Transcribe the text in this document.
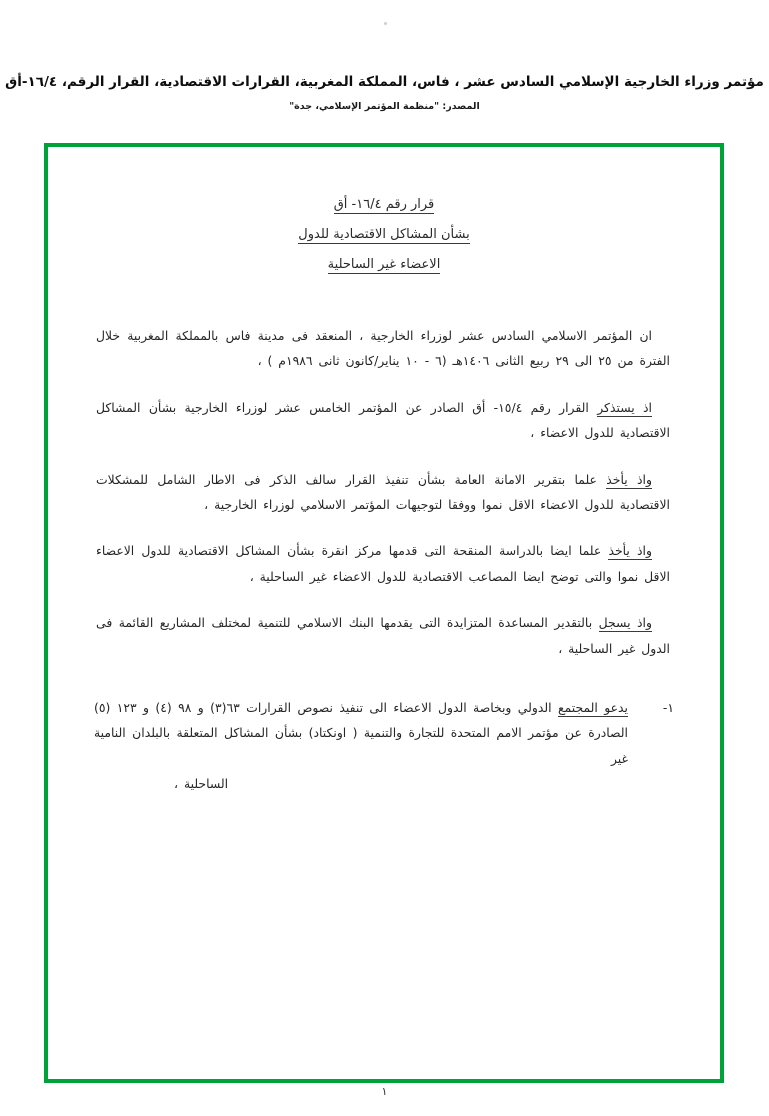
مؤتمر وزراء الخارجية الإسلامي السادس عشر ، فاس، المملكة المغربية، القرارات الاقتصادية، القرار الرقم، ١٦/٤-أق
المصدر: "منظمة المؤتمر الإسلامي، جدة"
قرار رقم ١٦/٤- أق
بشأن المشاكل الاقتصادية للدول
الاعضاء غير الساحلية

ان المؤتمر الاسلامي السادس عشر لوزراء الخارجية ، المنعقد فى مدينة فاس بالمملكة المغربية خلال الفترة من ٢٥ الى ٢٩ ربيع الثانى ١٤٠٦هـ (٦ - ١٠ يناير/كانون ثانى ١٩٨٦م ) ،

اذ يستذكر القرار رقم ١٥/٤- أق الصادر عن المؤتمر الخامس عشر لوزراء الخارجية بشأن المشاكل الاقتصادية للدول الاعضاء ،

واذ يأخذ علما بتقرير الامانة العامة بشأن تنفيذ القرار سالف الذكر فى الاطار الشامل للمشكلات الاقتصادية للدول الاعضاء الاقل نموا ووفقا لتوجيهات المؤتمر الاسلامي لوزراء الخارجية ،

واذ يأخذ علما ايضا بالدراسة المنقحة التى قدمها مركز انقرة بشأن المشاكل الاقتصادية للدول الاعضاء الاقل نموا والتى توضح ايضا المصاعب الاقتصادية للدول الاعضاء غير الساحلية ،

واذ يسجل بالتقدير المساعدة المتزايدة التى يقدمها البنك الاسلامي للتنمية لمختلف المشاريع القائمة فى الدول غير الساحلية ،

١-
يدعو المجتمع الدولي وبخاصة الدول الاعضاء الى تنفيذ نصوص القرارات ٦٣(٣) و ٩٨ (٤) و ١٢٣ (٥) الصادرة عن مؤتمر الامم المتحدة للتجارة والتنمية ( اونكتاد) بشأن المشاكل المتعلقة بالبلدان النامية غير
الساحلية ،
١
